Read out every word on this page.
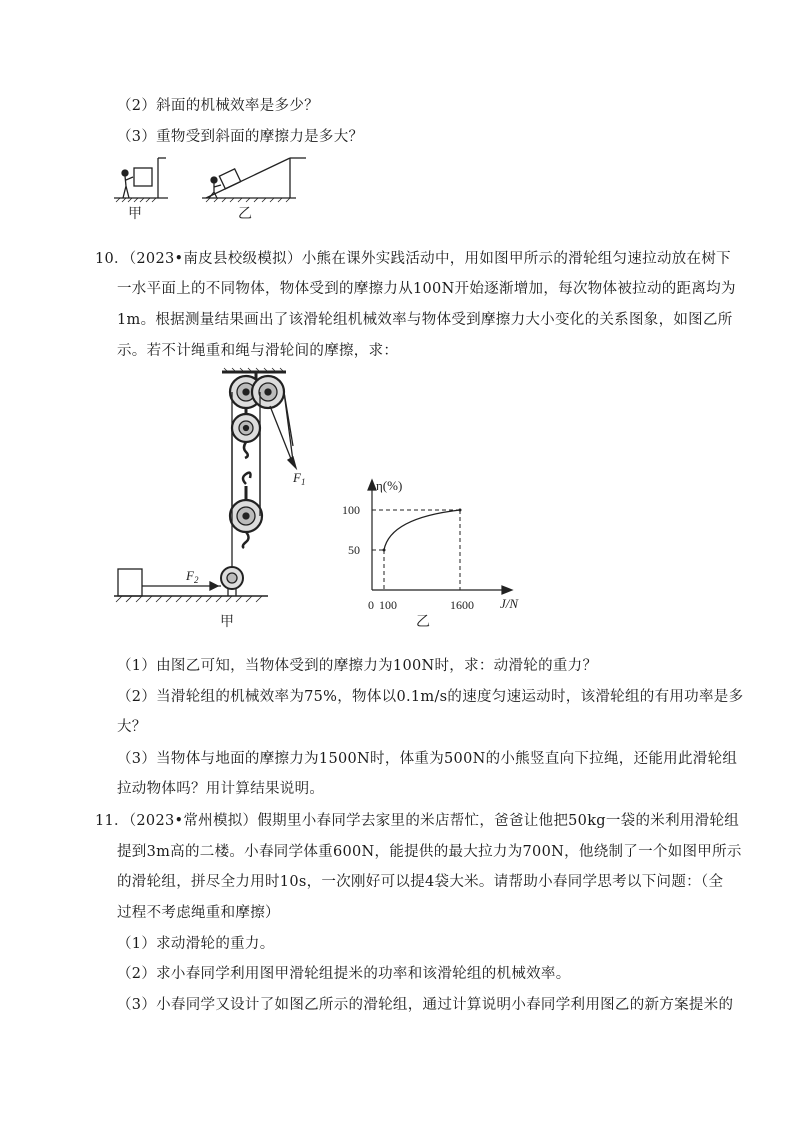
（2）斜面的机械效率是多少？
（3）重物受到斜面的摩擦力是多大？
甲	乙
10．（2023•南皮县校级模拟）小熊在课外实践活动中，用如图甲所示的滑轮组匀速拉动放在树下
一水平面上的不同物体，物体受到的摩擦力从100N开始逐渐增加，每次物体被拉动的距离均为
1m。根据测量结果画出了该滑轮组机械效率与物体受到摩擦力大小变化的关系图象，如图乙所
示。若不计绳重和绳与滑轮间的摩擦，求：
$F_1$
$F_2$
甲
η(%)
J/N
100
50
0 100	1600
乙
（1）由图乙可知，当物体受到的摩擦力为100N时，求：动滑轮的重力？
（2）当滑轮组的机械效率为75%，物体以0.1m/s的速度匀速运动时，该滑轮组的有用功率是多
大？
（3）当物体与地面的摩擦力为1500N时，体重为500N的小熊竖直向下拉绳，还能用此滑轮组
拉动物体吗？用计算结果说明。
11．（2023•常州模拟）假期里小春同学去家里的米店帮忙，爸爸让他把50kg一袋的米利用滑轮组
提到3m高的二楼。小春同学体重600N，能提供的最大拉力为700N，他绕制了一个如图甲所示
的滑轮组，拼尽全力用时10s，一次刚好可以提4袋大米。请帮助小春同学思考以下问题：（全
过程不考虑绳重和摩擦）
（1）求动滑轮的重力。
（2）求小春同学利用图甲滑轮组提米的功率和该滑轮组的机械效率。
（3）小春同学又设计了如图乙所示的滑轮组，通过计算说明小春同学利用图乙的新方案提米的
